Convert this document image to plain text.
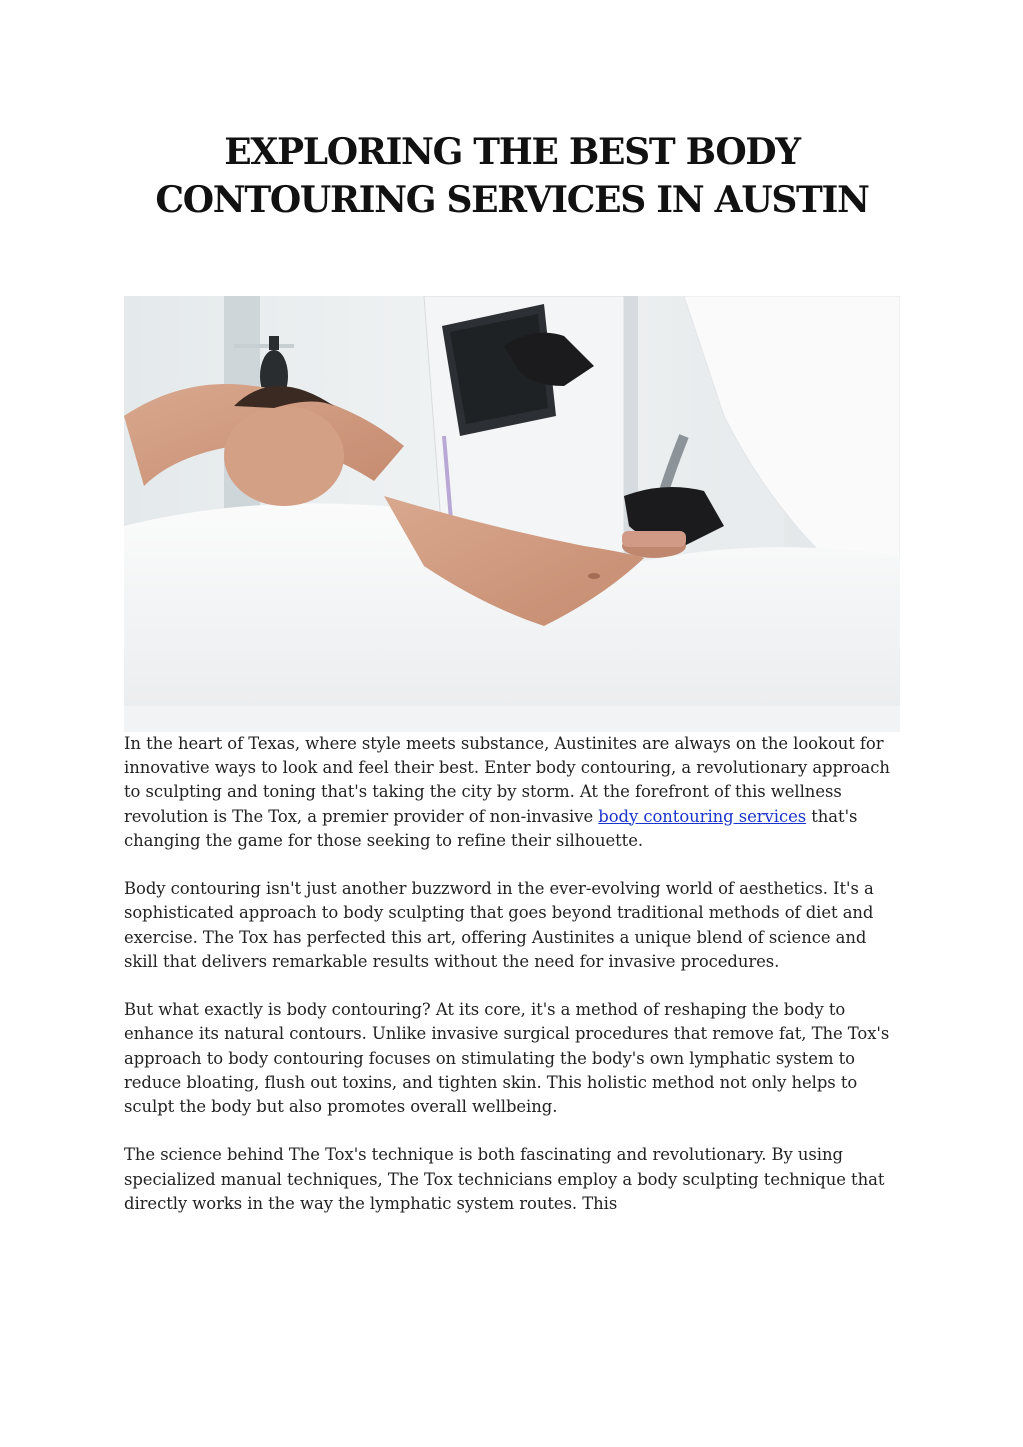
EXPLORING THE BEST BODY
CONTOURING SERVICES IN AUSTIN

In the heart of Texas, where style meets substance, Austinites are always on the lookout for innovative ways to look and feel their best. Enter body contouring, a revolutionary approach to sculpting and toning that's taking the city by storm. At the forefront of this wellness revolution is The Tox, a premier provider of non-invasive body contouring services that's changing the game for those seeking to refine their silhouette.

Body contouring isn't just another buzzword in the ever-evolving world of aesthetics. It's a sophisticated approach to body sculpting that goes beyond traditional methods of diet and exercise. The Tox has perfected this art, offering Austinites a unique blend of science and skill that delivers remarkable results without the need for invasive procedures.

But what exactly is body contouring? At its core, it's a method of reshaping the body to enhance its natural contours. Unlike invasive surgical procedures that remove fat, The Tox's approach to body contouring focuses on stimulating the body's own lymphatic system to reduce bloating, flush out toxins, and tighten skin. This holistic method not only helps to sculpt the body but also promotes overall wellbeing.

The science behind The Tox's technique is both fascinating and revolutionary. By using specialized manual techniques, The Tox technicians employ a body sculpting technique that directly works in the way the lymphatic system routes. This
